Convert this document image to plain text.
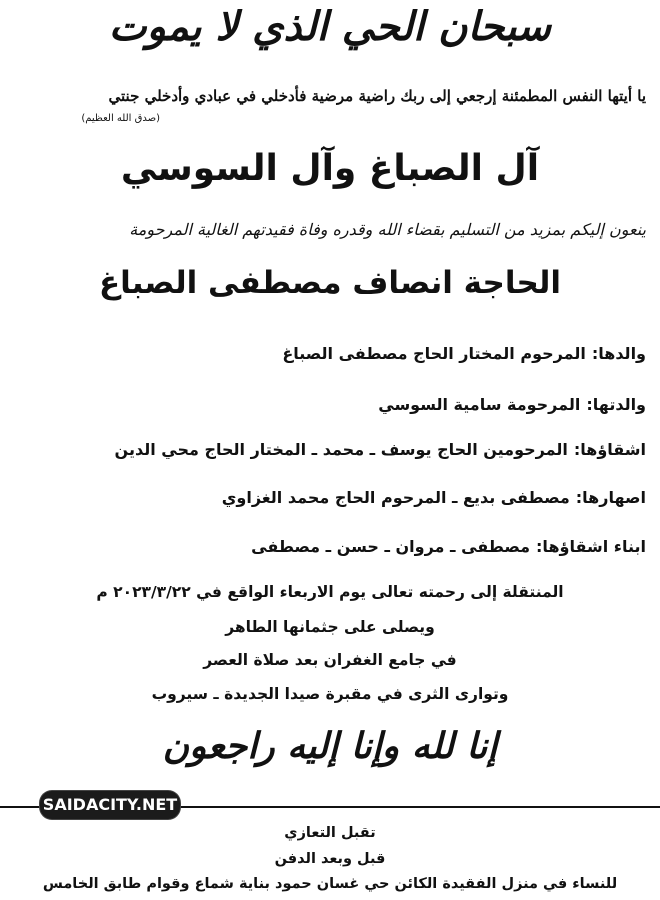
سبحان الحي الذي لا يموت
يا أيتها النفس المطمئنة إرجعي إلى ربك راضية مرضية فأدخلي في عبادي وأدخلي جنتي
(صدق الله العظيم)
آل الصباغ وآل السوسي
ينعون إليكم بمزيد من التسليم بقضاء الله وقدره وفاة فقيدتهم الغالية المرحومة
الحاجة انصاف مصطفى الصباغ
والدها:المرحوم المختار الحاج مصطفى الصباغ
والدتها:المرحومة سامية السوسي
اشقاؤها:المرحومين الحاج يوسف ـ محمد ـ المختار الحاج محي الدين
اصهارها:مصطفى بديع ـ المرحوم الحاج محمد الغزاوي
ابناء اشقاؤها:مصطفى ـ مروان ـ حسن ـ مصطفى
المنتقلة إلى رحمته تعالى يوم الاربعاء الواقع في ٢٠٢٣/٣/٢٢ م
ويصلى على جثمانها الطاهر
في جامع الغفران بعد صلاة العصر
وتوارى الثرى في مقبرة صيدا الجديدة ـ سيروب
إنا لله وإنا إليه راجعون
SAIDACITY.NET
تقبل التعازي
قبل وبعد الدفن
للنساء في منزل الفقيدة الكائن حي غسان حمود بناية شماع وقوام طابق الخامس
